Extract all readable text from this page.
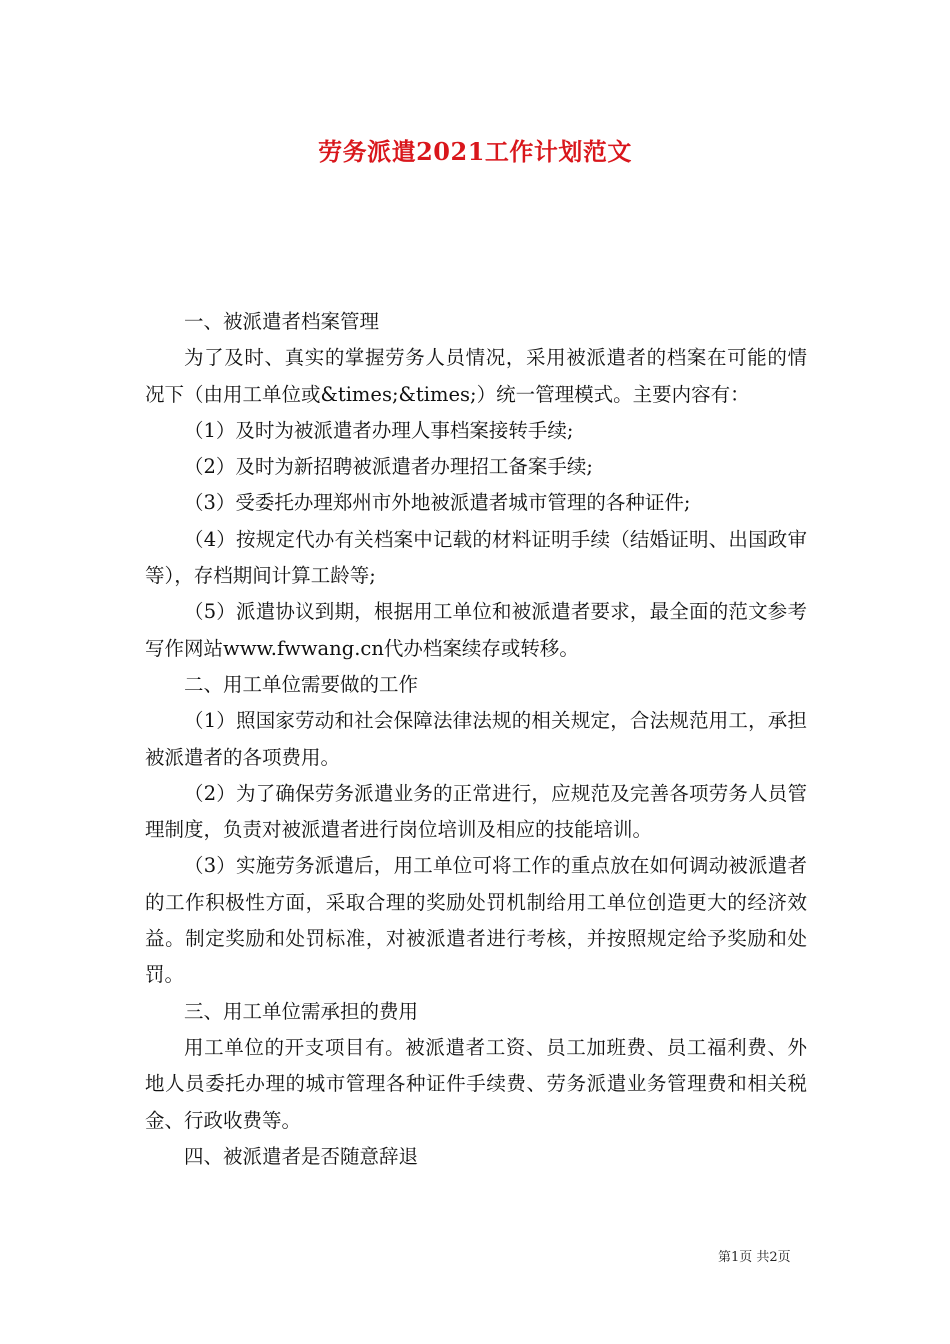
劳务派遣2021工作计划范文

一、被派遣者档案管理

为了及时、真实的掌握劳务人员情况，采用被派遣者的档案在可能的情况下（由用工单位或&times;&times;）统一管理模式。主要内容有：

（1）及时为被派遣者办理人事档案接转手续;

（2）及时为新招聘被派遣者办理招工备案手续;

（3）受委托办理郑州市外地被派遣者城市管理的各种证件;

（4）按规定代办有关档案中记载的材料证明手续（结婚证明、出国政审等），存档期间计算工龄等;

（5）派遣协议到期，根据用工单位和被派遣者要求，最全面的范文参考写作网站www.fwwang.cn代办档案续存或转移。

二、用工单位需要做的工作

（1）照国家劳动和社会保障法律法规的相关规定，合法规范用工，承担被派遣者的各项费用。

（2）为了确保劳务派遣业务的正常进行，应规范及完善各项劳务人员管理制度，负责对被派遣者进行岗位培训及相应的技能培训。

（3）实施劳务派遣后，用工单位可将工作的重点放在如何调动被派遣者的工作积极性方面，采取合理的奖励处罚机制给用工单位创造更大的经济效益。制定奖励和处罚标准，对被派遣者进行考核，并按照规定给予奖励和处罚。

三、用工单位需承担的费用

用工单位的开支项目有。被派遣者工资、员工加班费、员工福利费、外地人员委托办理的城市管理各种证件手续费、劳务派遣业务管理费和相关税金、行政收费等。

四、被派遣者是否随意辞退

第1页 共2页
